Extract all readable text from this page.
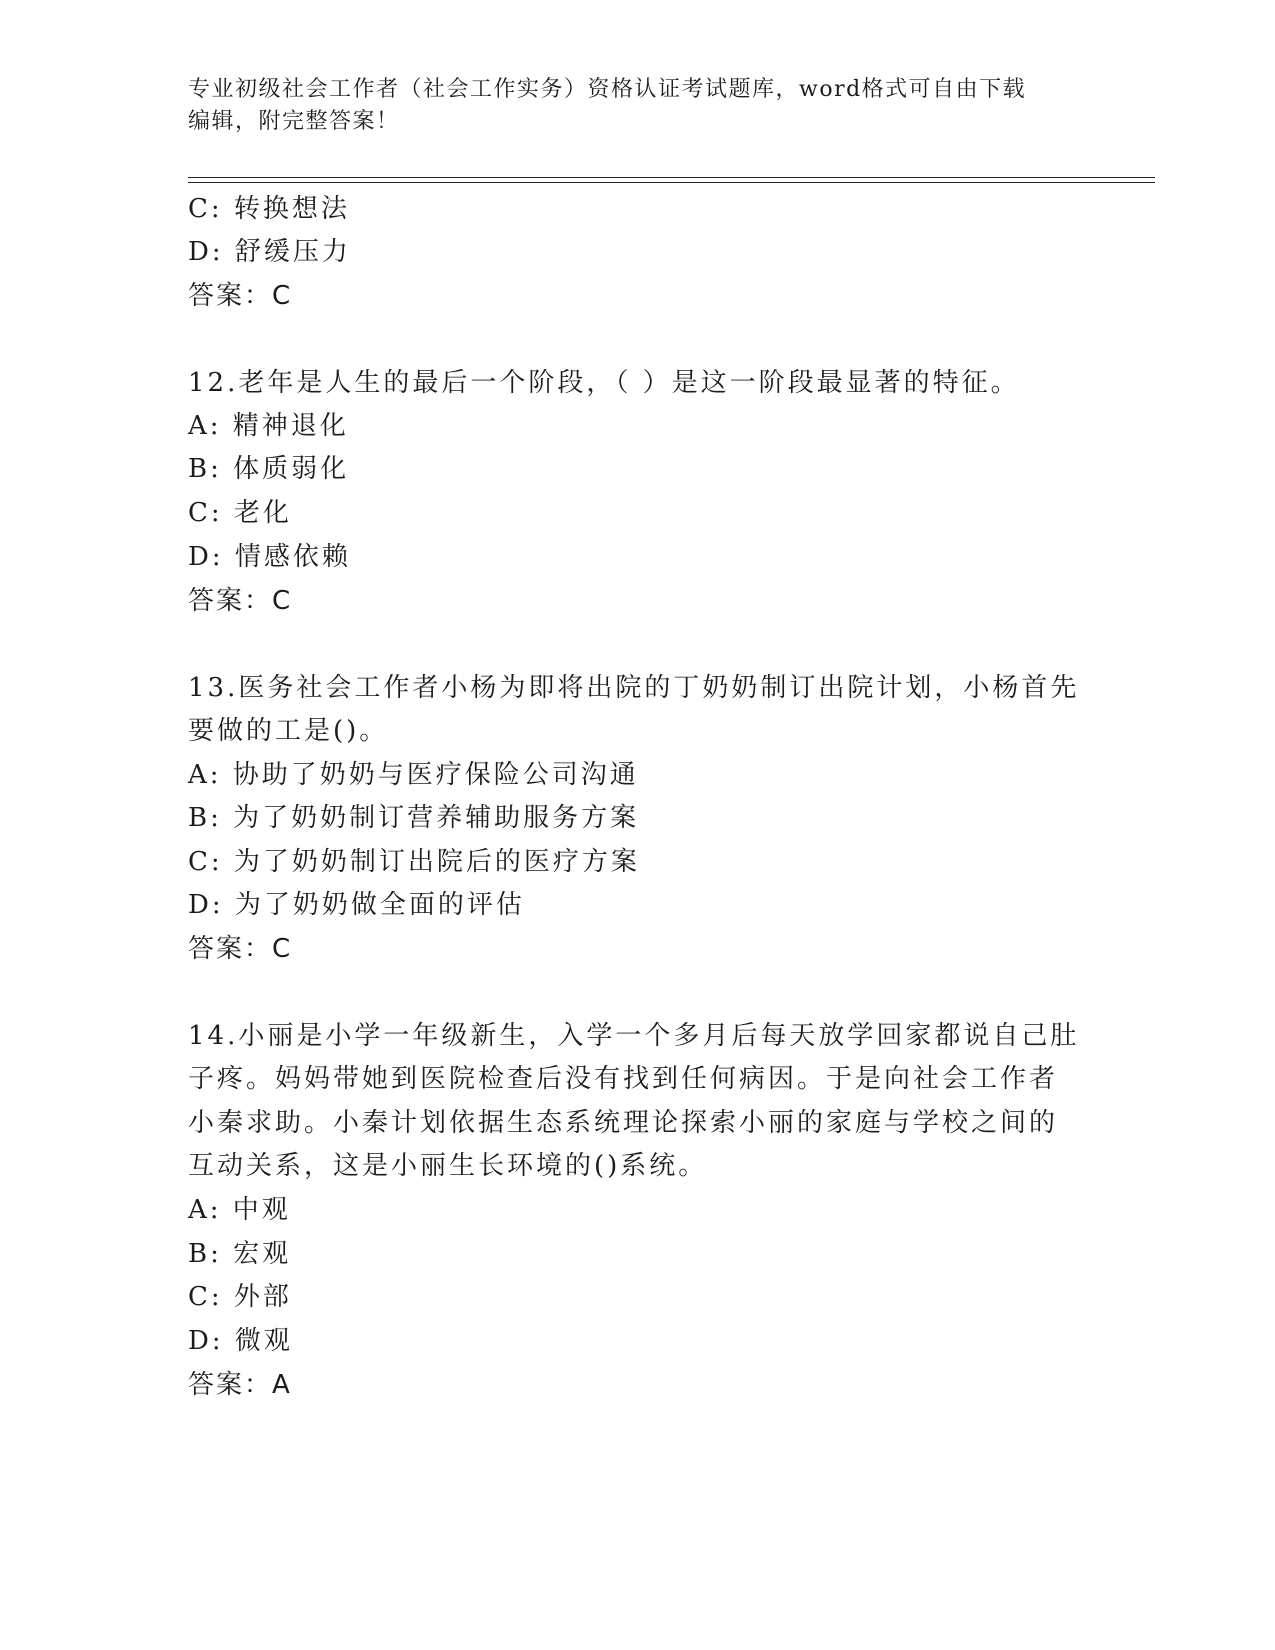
专业初级社会工作者（社会工作实务）资格认证考试题库，word格式可自由下载
编辑，附完整答案！
C: 转换想法
D: 舒缓压力
答案：C
12.老年是人生的最后一个阶段，（ ）是这一阶段最显著的特征。
A: 精神退化
B: 体质弱化
C: 老化
D: 情感依赖
答案：C
13.医务社会工作者小杨为即将出院的丁奶奶制订出院计划，小杨首先
要做的工是()。
A: 协助了奶奶与医疗保险公司沟通
B: 为了奶奶制订营养辅助服务方案
C: 为了奶奶制订出院后的医疗方案
D: 为了奶奶做全面的评估
答案：C
14.小丽是小学一年级新生，入学一个多月后每天放学回家都说自己肚
子疼。妈妈带她到医院检查后没有找到任何病因。于是向社会工作者
小秦求助。小秦计划依据生态系统理论探索小丽的家庭与学校之间的
互动关系，这是小丽生长环境的()系统。
A: 中观
B: 宏观
C: 外部
D: 微观
答案：A
